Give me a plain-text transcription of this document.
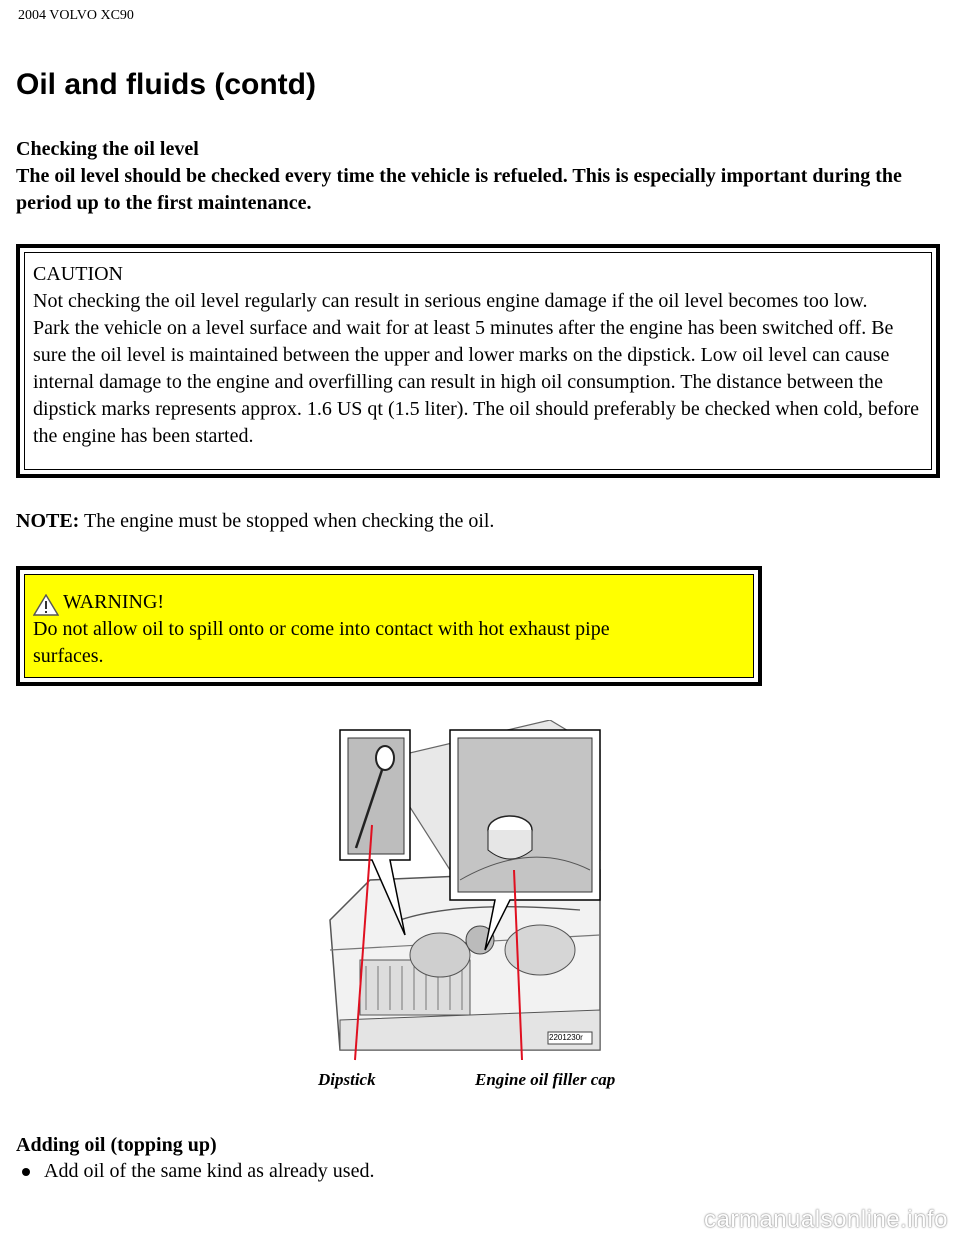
2004 VOLVO XC90
Oil and fluids (contd)

Checking the oil level

The oil level should be checked every time the vehicle is refueled. This is especially important during the period up to the first maintenance.

CAUTION

Not checking the oil level regularly can result in serious engine damage if the oil level becomes too low.

Park the vehicle on a level surface and wait for at least 5 minutes after the engine has been switched off. Be sure the oil level is maintained between the upper and lower marks on the dipstick. Low oil level can cause internal damage to the engine and overfilling can result in high oil consumption. The distance between the dipstick marks represents approx. 1.6 US qt (1.5 liter). The oil should preferably be checked when cold, before the engine has been started.

NOTE: The engine must be stopped when checking the oil.
WARNING!

Do not allow oil to spill onto or come into contact with hot exhaust pipe surfaces.

2201230r
Dipstick	Engine oil filler cap
Adding oil (topping up)
Add oil of the same kind as already used.
carmanualsonline.info
